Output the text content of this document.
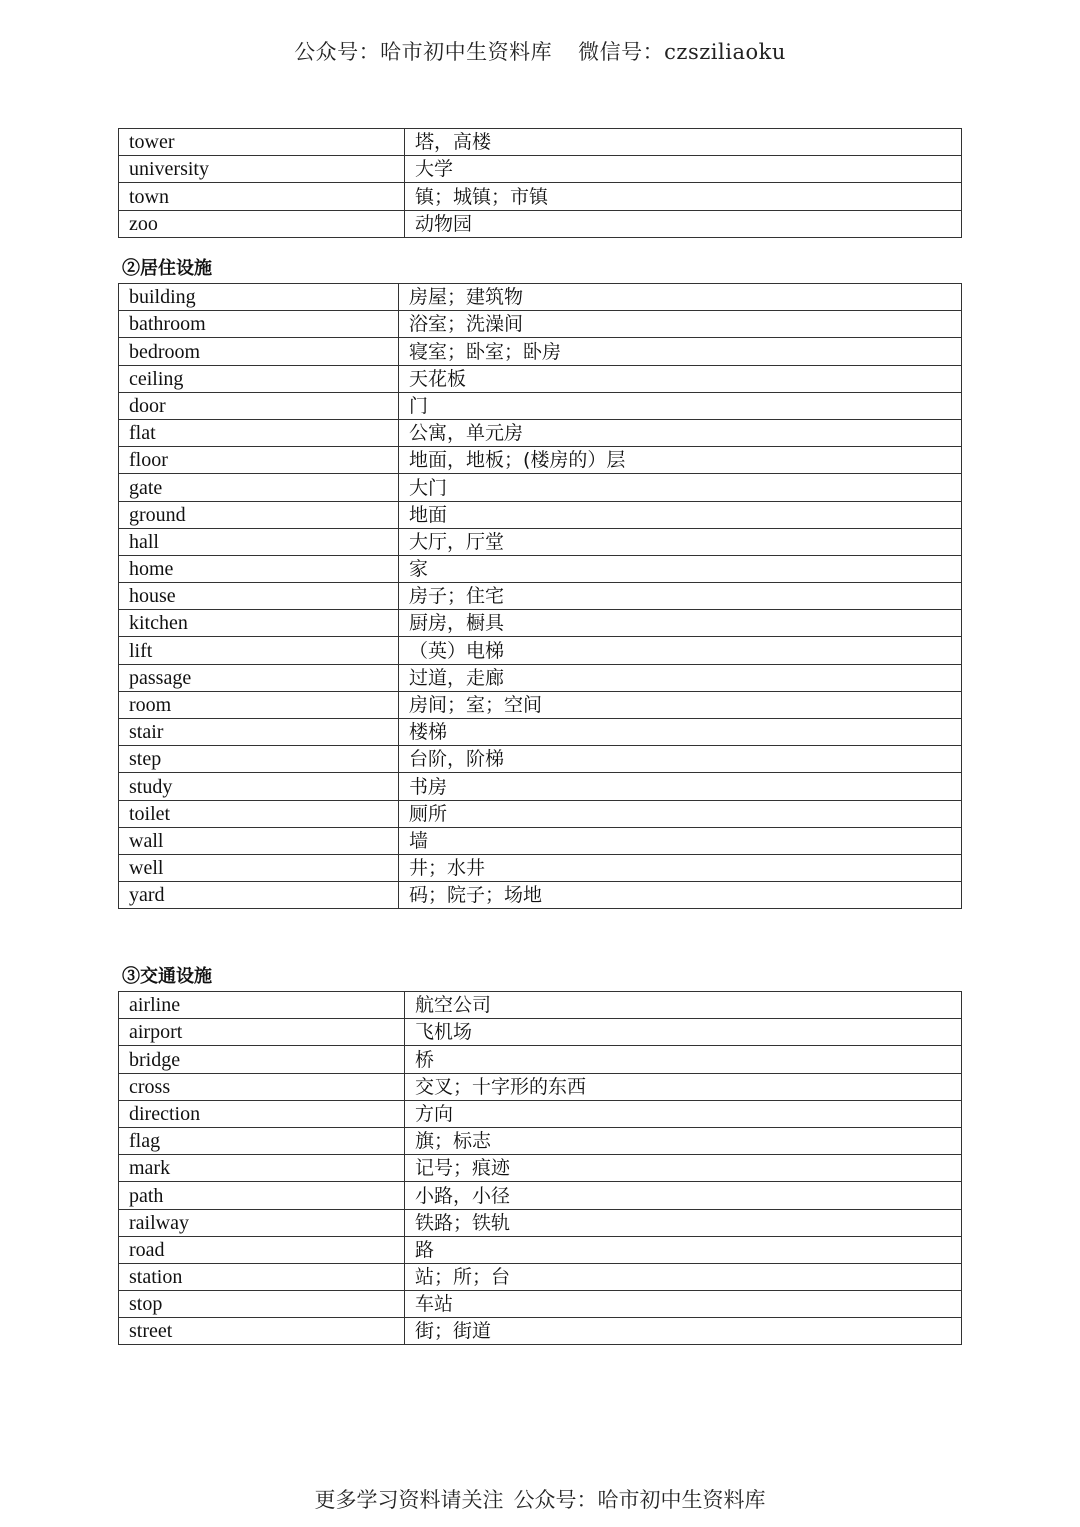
公众号：哈市初中生资料库 微信号：czsziliaoku
tower	塔，高楼
university	大学
town	镇；城镇；市镇
zoo	动物园
②居住设施
building	房屋；建筑物
bathroom	浴室；洗澡间
bedroom	寝室；卧室；卧房
ceiling	天花板
door	门
flat	公寓，单元房
floor	地面，地板；(楼房的）层
gate	大门
ground	地面
hall	大厅，厅堂
home	家
house	房子；住宅
kitchen	厨房，橱具
lift	（英）电梯
passage	过道，走廊
room	房间；室；空间
stair	楼梯
step	台阶，阶梯
study	书房
toilet	厕所
wall	墙
well	井；水井
yard	码；院子；场地
③交通设施
airline	航空公司
airport	飞机场
bridge	桥
cross	交叉；十字形的东西
direction	方向
flag	旗；标志
mark	记号；痕迹
path	小路，小径
railway	铁路；铁轨
road	路
station	站；所；台
stop	车站
street	街；街道
更多学习资料请关注 公众号：哈市初中生资料库
